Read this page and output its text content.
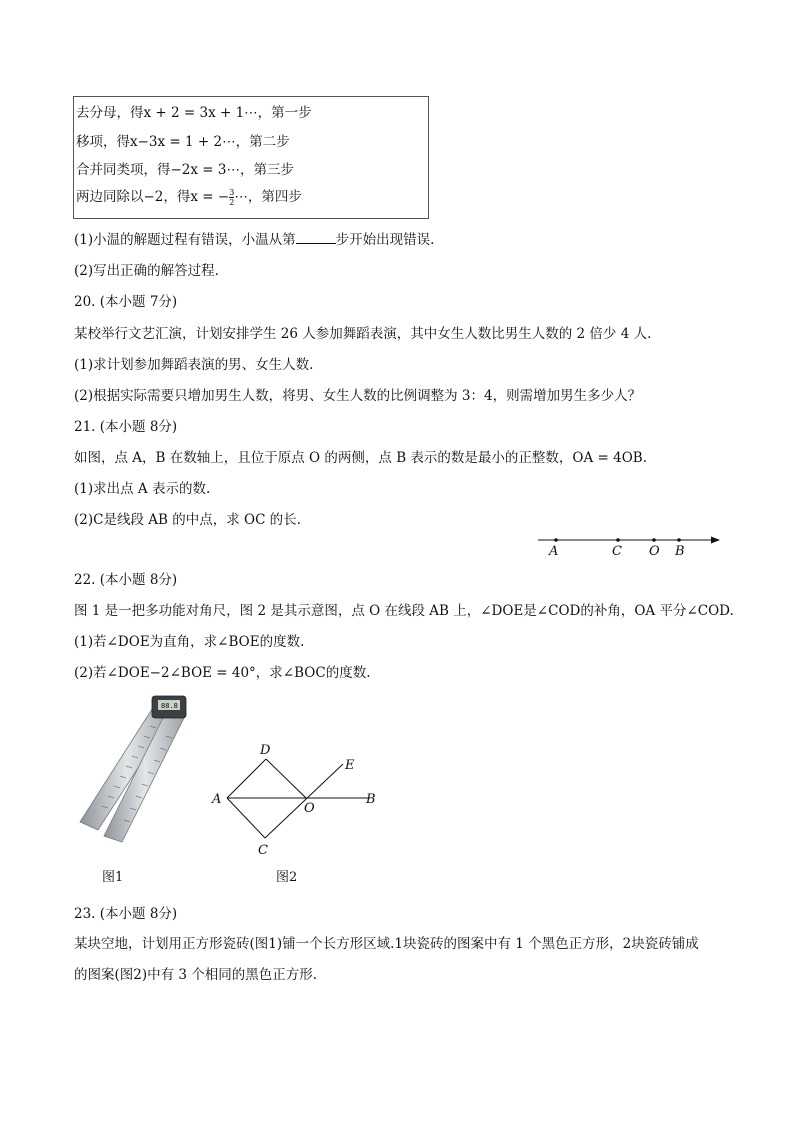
去分母，得x + 2 = 3x + 1⋯，第一步
移项，得x−3x = 1 + 2⋯，第二步
合并同类项，得−2x = 3⋯，第三步
两边同除以−2，得x = − $\frac{3}{2}$ ⋯，第四步
(1)小温的解题过程有错误，小温从第	步开始出现错误.
(2)写出正确的解答过程.
20. (本小题 7分)
某校举行文艺汇演，计划安排学生 26 人参加舞蹈表演，其中女生人数比男生人数的 2 倍少 4 人.
(1)求计划参加舞蹈表演的男、女生人数.
(2)根据实际需要只增加男生人数，将男、女生人数的比例调整为 3：4，则需增加男生多少人？
21. (本小题 8分)
如图，点 A，B 在数轴上，且位于原点 O 的两侧，点 B 表示的数是最小的正整数，OA = 4OB.
(1)求出点 A 表示的数.
(2)C是线段 AB 的中点，求 OC 的长.
A	C O B
22. (本小题 8分)
图 1 是一把多功能对角尺，图 2 是其示意图，点 O 在线段 AB 上，∠DOE是∠COD的补角，OA 平分∠COD.
(1)若∠DOE为直角，求∠BOE的度数.
(2)若∠DOE−2∠BOE = 40°，求∠BOC的度数.
88.8
图1
D
E
A
O
B
C
图2
23. (本小题 8分)
某块空地，计划用正方形瓷砖(图1)铺一个长方形区域.1块瓷砖的图案中有 1 个黑色正方形，2块瓷砖铺成
的图案(图2)中有 3 个相同的黑色正方形.
